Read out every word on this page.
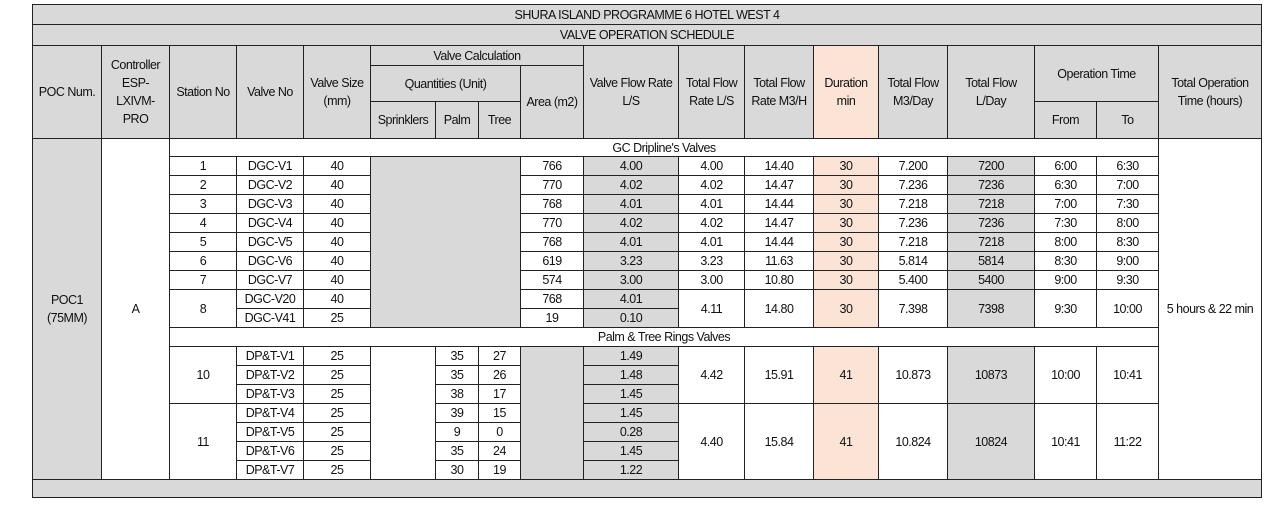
SHURA ISLAND PROGRAMME 6 HOTEL WEST 4																	
VALVE OPERATION SCHEDULE																	
POC Num.	Controller ESP-LXIVM-PRO	Station No	Valve No	Valve Size (mm)	Valve Calculation				Valve Flow Rate L/S	Total Flow Rate L/S	Total Flow Rate M3/H	Duration min	Total Flow M3/Day	Total Flow L/Day	Operation Time		Total Operation Time (hours)
					Quantities (Unit)			Area (m2)									
					Sprinklers	Palm	Tree								From	To	

POC1
(75MM)	A	GC Dripline's Valves															5 hours & 22 min
		1	DGC-V1	40				766	4.00	4.00	14.40	30	7.200	7200	6:00	6:30	
		2	DGC-V2	40				770	4.02	4.02	14.47	30	7.236	7236	6:30	7:00	
		3	DGC-V3	40				768	4.01	4.01	14.44	30	7.218	7218	7:00	7:30	
		4	DGC-V4	40				770	4.02	4.02	14.47	30	7.236	7236	7:30	8:00	
		5	DGC-V5	40				768	4.01	4.01	14.44	30	7.218	7218	8:00	8:30	
		6	DGC-V6	40				619	3.23	3.23	11.63	30	5.814	5814	8:30	9:00	
		7	DGC-V7	40				574	3.00	3.00	10.80	30	5.400	5400	9:00	9:30	
		8	DGC-V20	40				768	4.01	4.11	14.80	30	7.398	7398	9:30	10:00	
			DGC-V41	25				19	0.10								
		Palm & Tree Rings Valves															
		10	DP&T-V1	25		35	27		1.49	4.42	15.91	41	10.873	10873	10:00	10:41	
			DP&T-V2	25		35	26		1.48								
			DP&T-V3	25		38	17		1.45								
		11	DP&T-V4	25		39	15		1.45	4.40	15.84	41	10.824	10824	10:41	11:22	
			DP&T-V5	25		9	0		0.28								
			DP&T-V6	25		35	24		1.45								
			DP&T-V7	25		30	19		1.22								
